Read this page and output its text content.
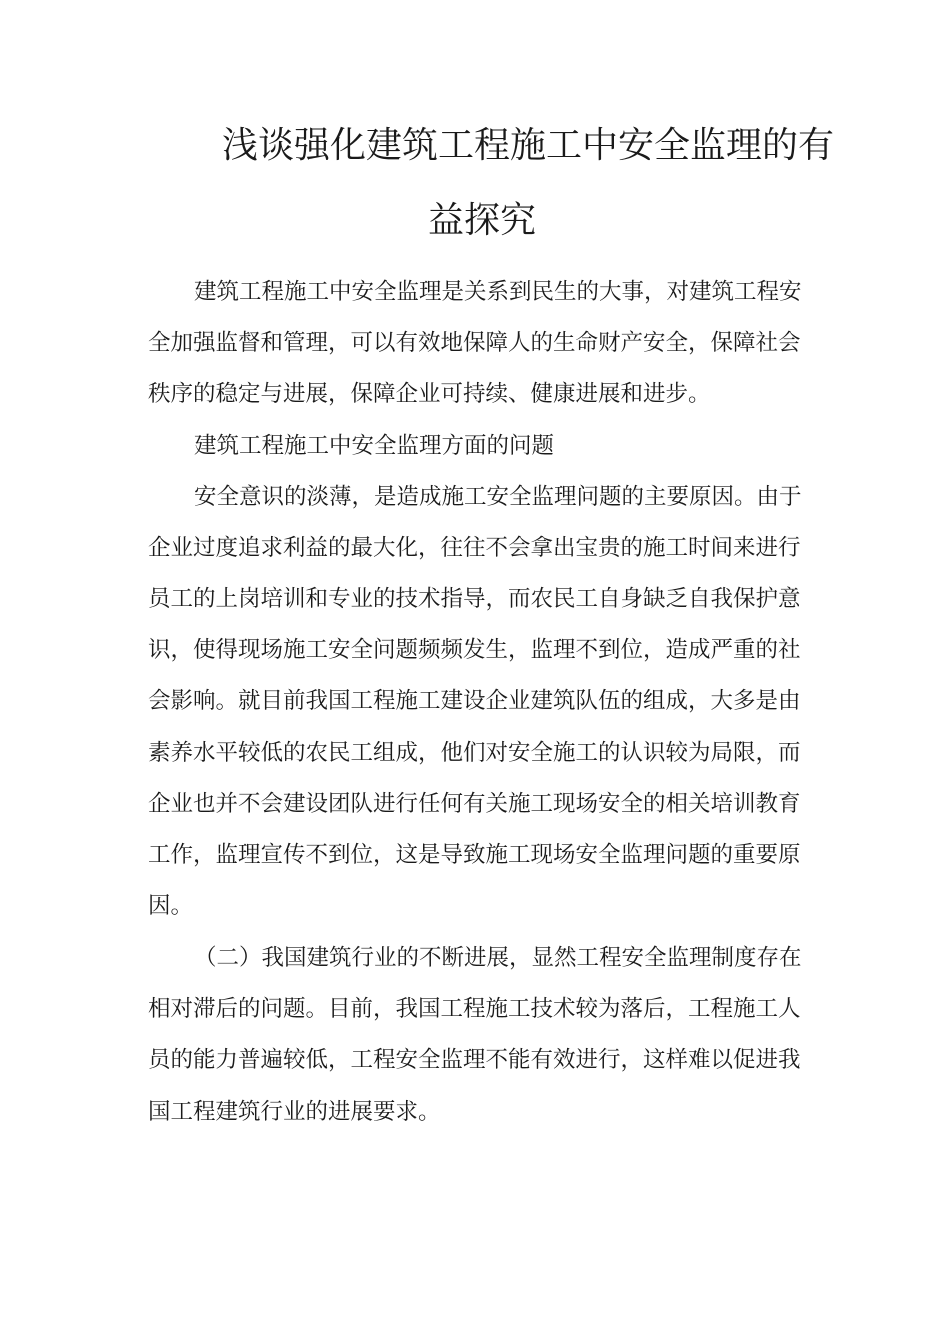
浅谈强化建筑工程施工中安全监理的有
益探究
建筑工程施工中安全监理是关系到民生的大事，对建筑工程安
全加强监督和管理，可以有效地保障人的生命财产安全，保障社会
秩序的稳定与进展，保障企业可持续、健康进展和进步。
建筑工程施工中安全监理方面的问题
安全意识的淡薄，是造成施工安全监理问题的主要原因。由于
企业过度追求利益的最大化，往往不会拿出宝贵的施工时间来进行
员工的上岗培训和专业的技术指导，而农民工自身缺乏自我保护意
识，使得现场施工安全问题频频发生，监理不到位，造成严重的社
会影响。就目前我国工程施工建设企业建筑队伍的组成，大多是由
素养水平较低的农民工组成，他们对安全施工的认识较为局限，而
企业也并不会建设团队进行任何有关施工现场安全的相关培训教育
工作，监理宣传不到位，这是导致施工现场安全监理问题的重要原
因。
（二）我国建筑行业的不断进展，显然工程安全监理制度存在
相对滞后的问题。目前，我国工程施工技术较为落后，工程施工人
员的能力普遍较低，工程安全监理不能有效进行，这样难以促进我
国工程建筑行业的进展要求。
